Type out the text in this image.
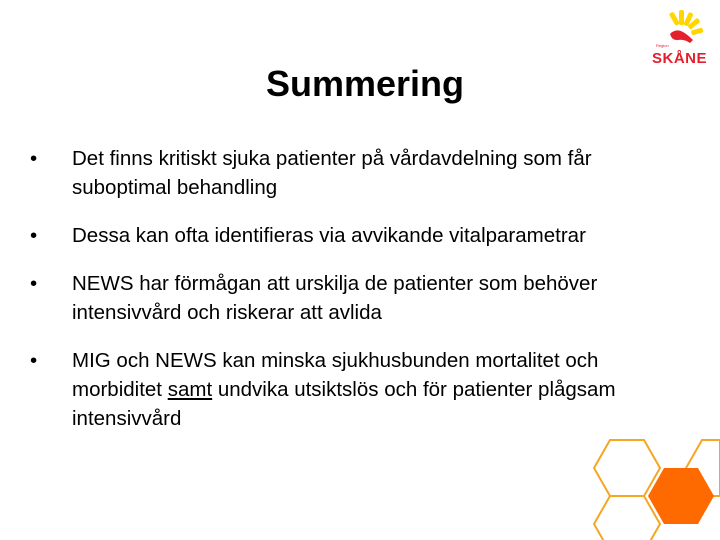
Region
SKÅNE
Summering
•	Det finns kritiskt sjuka patienter på vårdavdelning som får suboptimal behandling
•	Dessa kan ofta identifieras via avvikande vitalparametrar
•	NEWS har förmågan att urskilja de patienter som behöver intensivvård och riskerar att avlida
•	MIG och NEWS kan minska sjukhusbunden mortalitet och morbiditet samt undvika utsiktslös och för patienter plågsam intensivvård
